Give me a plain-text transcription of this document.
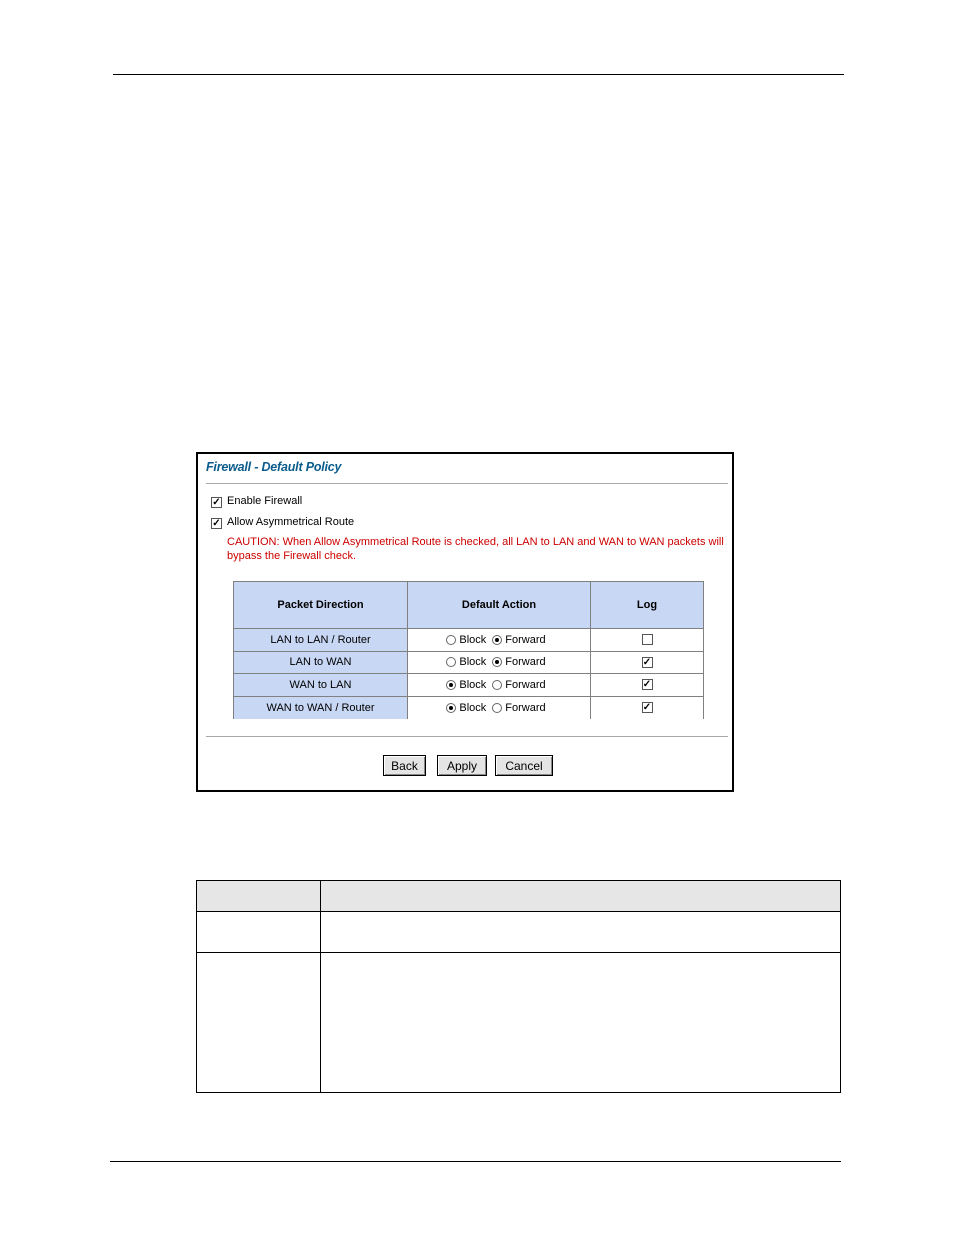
Firewall - Default Policy
✓ Enable Firewall
✓ Allow Asymmetrical Route
CAUTION: When Allow Asymmetrical Route is checked, all LAN to LAN and WAN to WAN packets will bypass the Firewall check.
Packet Direction	Default Action	Log
LAN to LAN / Router	Block Forward
LAN to WAN	Block Forward	✓
WAN to LAN	Block Forward	✓
WAN to WAN / Router	Block Forward	✓
Back	Apply	Cancel
